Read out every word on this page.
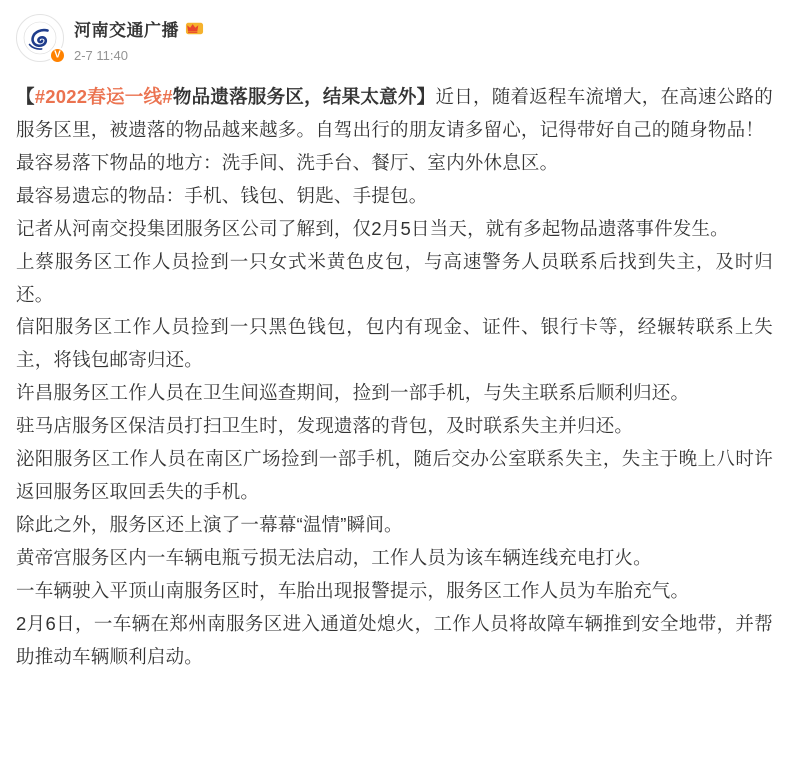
V
河南交通广播
2-7 11:40

【#2022春运一线#物品遗落服务区，结果太意外】近日，随着返程车流增大，在高速公路的服务区里，被遗落的物品越来越多。自驾出行的朋友请多留心，记得带好自己的随身物品！

最容易落下物品的地方：洗手间、洗手台、餐厅、室内外休息区。

最容易遗忘的物品：手机、钱包、钥匙、手提包。

记者从河南交投集团服务区公司了解到，仅2月5日当天，就有多起物品遗落事件发生。

上蔡服务区工作人员捡到一只女式米黄色皮包，与高速警务人员联系后找到失主，及时归还。

信阳服务区工作人员捡到一只黑色钱包，包内有现金、证件、银行卡等，经辗转联系上失主，将钱包邮寄归还。

许昌服务区工作人员在卫生间巡查期间，捡到一部手机，与失主联系后顺利归还。

驻马店服务区保洁员打扫卫生时，发现遗落的背包，及时联系失主并归还。

泌阳服务区工作人员在南区广场捡到一部手机，随后交办公室联系失主，失主于晚上八时许返回服务区取回丢失的手机。

除此之外，服务区还上演了一幕幕“温情”瞬间。

黄帝宫服务区内一车辆电瓶亏损无法启动，工作人员为该车辆连线充电打火。

一车辆驶入平顶山南服务区时，车胎出现报警提示，服务区工作人员为车胎充气。

2月6日，一车辆在郑州南服务区进入通道处熄火，工作人员将故障车辆推到安全地带，并帮助推动车辆顺利启动。
